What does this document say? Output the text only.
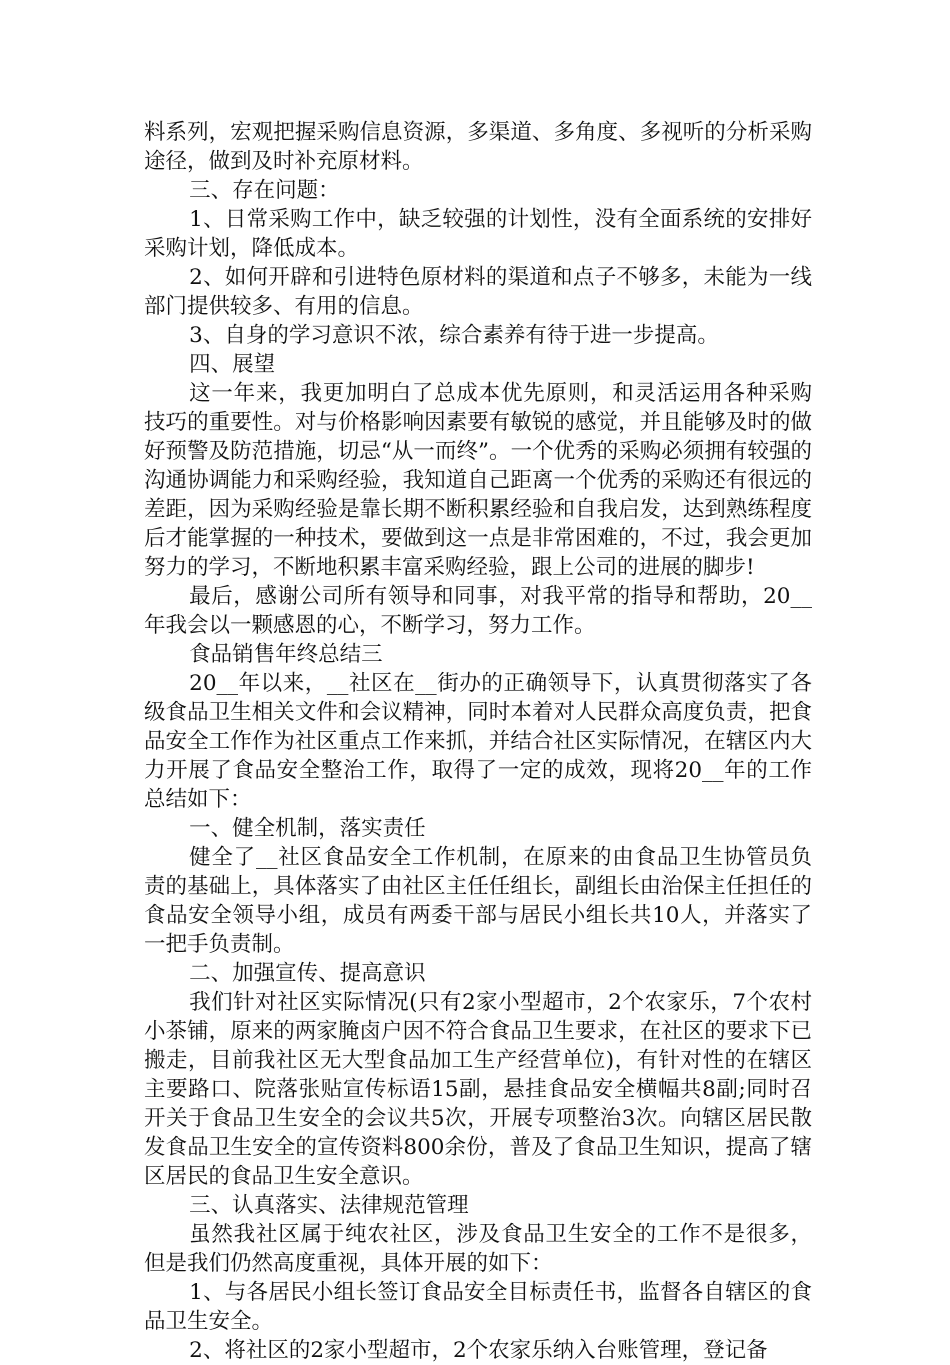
料系列，宏观把握采购信息资源，多渠道、多角度、多视听的分析采购途径，做到及时补充原材料。

三、存在问题：

1、日常采购工作中，缺乏较强的计划性，没有全面系统的安排好采购计划，降低成本。

2、如何开辟和引进特色原材料的渠道和点子不够多，未能为一线部门提供较多、有用的信息。

3、自身的学习意识不浓，综合素养有待于进一步提高。

四、展望

这一年来，我更加明白了总成本优先原则，和灵活运用各种采购技巧的重要性。对与价格影响因素要有敏锐的感觉，并且能够及时的做好预警及防范措施，切忌“从一而终”。一个优秀的采购必须拥有较强的沟通协调能力和采购经验，我知道自己距离一个优秀的采购还有很远的差距，因为采购经验是靠长期不断积累经验和自我启发，达到熟练程度后才能掌握的一种技术，要做到这一点是非常困难的，不过，我会更加努力的学习，不断地积累丰富采购经验，跟上公司的进展的脚步!

最后，感谢公司所有领导和同事，对我平常的指导和帮助，20__年我会以一颗感恩的心，不断学习，努力工作。

食品销售年终总结三

20__年以来，__社区在__街办的正确领导下，认真贯彻落实了各级食品卫生相关文件和会议精神，同时本着对人民群众高度负责，把食品安全工作作为社区重点工作来抓，并结合社区实际情况，在辖区内大力开展了食品安全整治工作，取得了一定的成效，现将20__年的工作总结如下：

一、健全机制，落实责任

健全了__社区食品安全工作机制，在原来的由食品卫生协管员负责的基础上，具体落实了由社区主任任组长，副组长由治保主任担任的食品安全领导小组，成员有两委干部与居民小组长共10人，并落实了一把手负责制。

二、加强宣传、提高意识

我们针对社区实际情况(只有2家小型超市，2个农家乐，7个农村小茶铺，原来的两家腌卤户因不符合食品卫生要求，在社区的要求下已搬走，目前我社区无大型食品加工生产经营单位)，有针对性的在辖区主要路口、院落张贴宣传标语15副，悬挂食品安全横幅共8副;同时召开关于食品卫生安全的会议共5次，开展专项整治3次。向辖区居民散发食品卫生安全的宣传资料800余份，普及了食品卫生知识，提高了辖区居民的食品卫生安全意识。

三、认真落实、法律规范管理

虽然我社区属于纯农社区，涉及食品卫生安全的工作不是很多，但是我们仍然高度重视，具体开展的如下：

1、与各居民小组长签订食品安全目标责任书，监督各自辖区的食品卫生安全。

2、将社区的2家小型超市，2个农家乐纳入台账管理，登记备
